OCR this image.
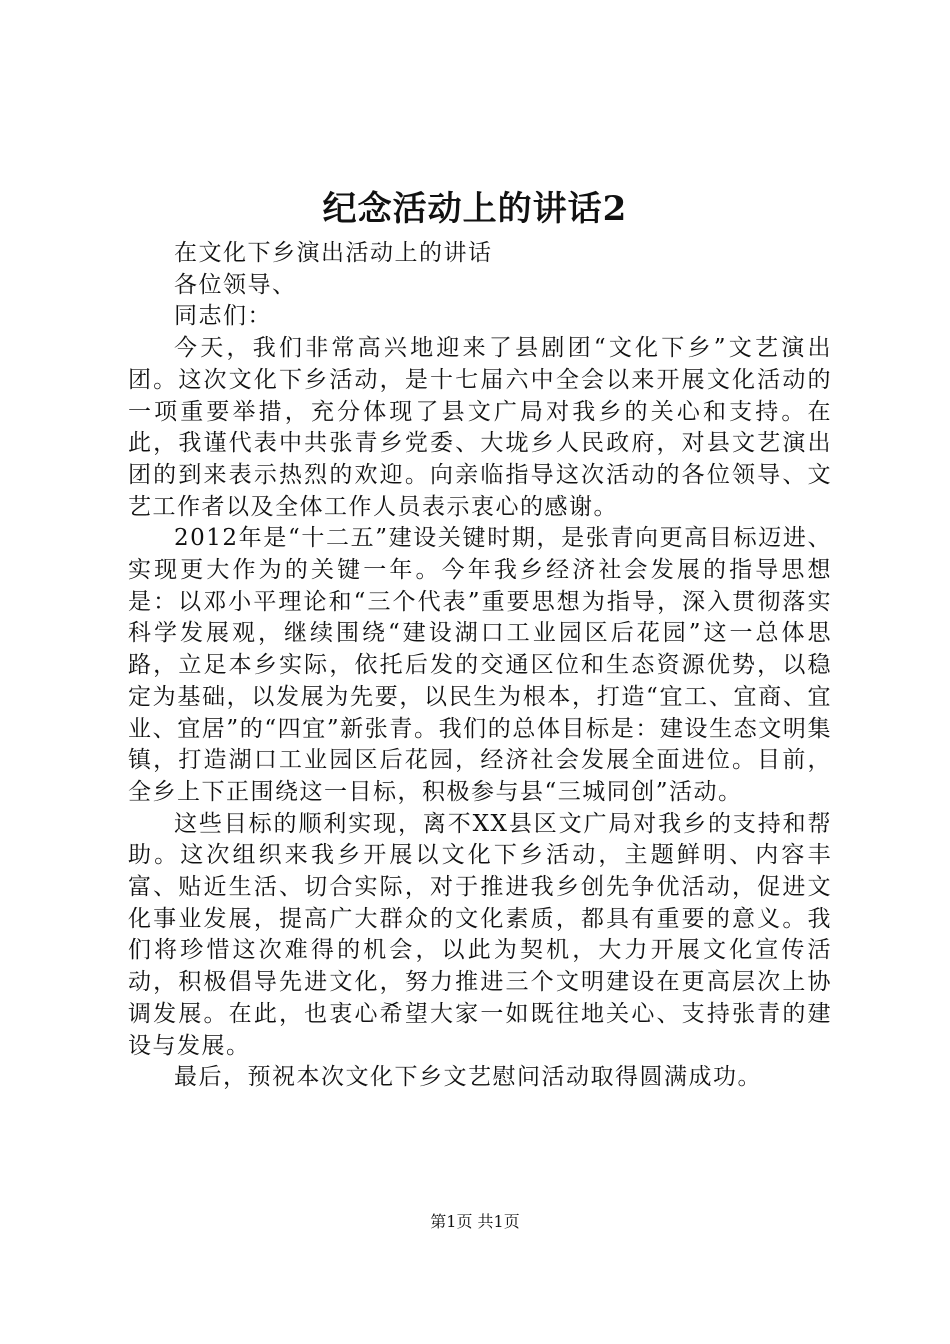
纪念活动上的讲话2

在文化下乡演出活动上的讲话

各位领导、

同志们：

今天，我们非常高兴地迎来了县剧团“文化下乡”文艺演出团。这次文化下乡活动，是十七届六中全会以来开展文化活动的一项重要举措，充分体现了县文广局对我乡的关心和支持。在此，我谨代表中共张青乡党委、大垅乡人民政府，对县文艺演出团的到来表示热烈的欢迎。向亲临指导这次活动的各位领导、文艺工作者以及全体工作人员表示衷心的感谢。

2012年是“十二五”建设关键时期，是张青向更高目标迈进、实现更大作为的关键一年。今年我乡经济社会发展的指导思想是：以邓小平理论和“三个代表”重要思想为指导，深入贯彻落实科学发展观，继续围绕“建设湖口工业园区后花园”这一总体思路，立足本乡实际，依托后发的交通区位和生态资源优势，以稳定为基础，以发展为先要，以民生为根本，打造“宜工、宜商、宜业、宜居”的“四宜”新张青。我们的总体目标是：建设生态文明集镇，打造湖口工业园区后花园，经济社会发展全面进位。目前，全乡上下正围绕这一目标，积极参与县“三城同创”活动。

这些目标的顺利实现，离不XX县区文广局对我乡的支持和帮助。这次组织来我乡开展以文化下乡活动，主题鲜明、内容丰富、贴近生活、切合实际，对于推进我乡创先争优活动，促进文化事业发展，提高广大群众的文化素质，都具有重要的意义。我们将珍惜这次难得的机会，以此为契机，大力开展文化宣传活动，积极倡导先进文化，努力推进三个文明建设在更高层次上协调发展。在此，也衷心希望大家一如既往地关心、支持张青的建设与发展。

最后，预祝本次文化下乡文艺慰问活动取得圆满成功。

第1页 共1页
